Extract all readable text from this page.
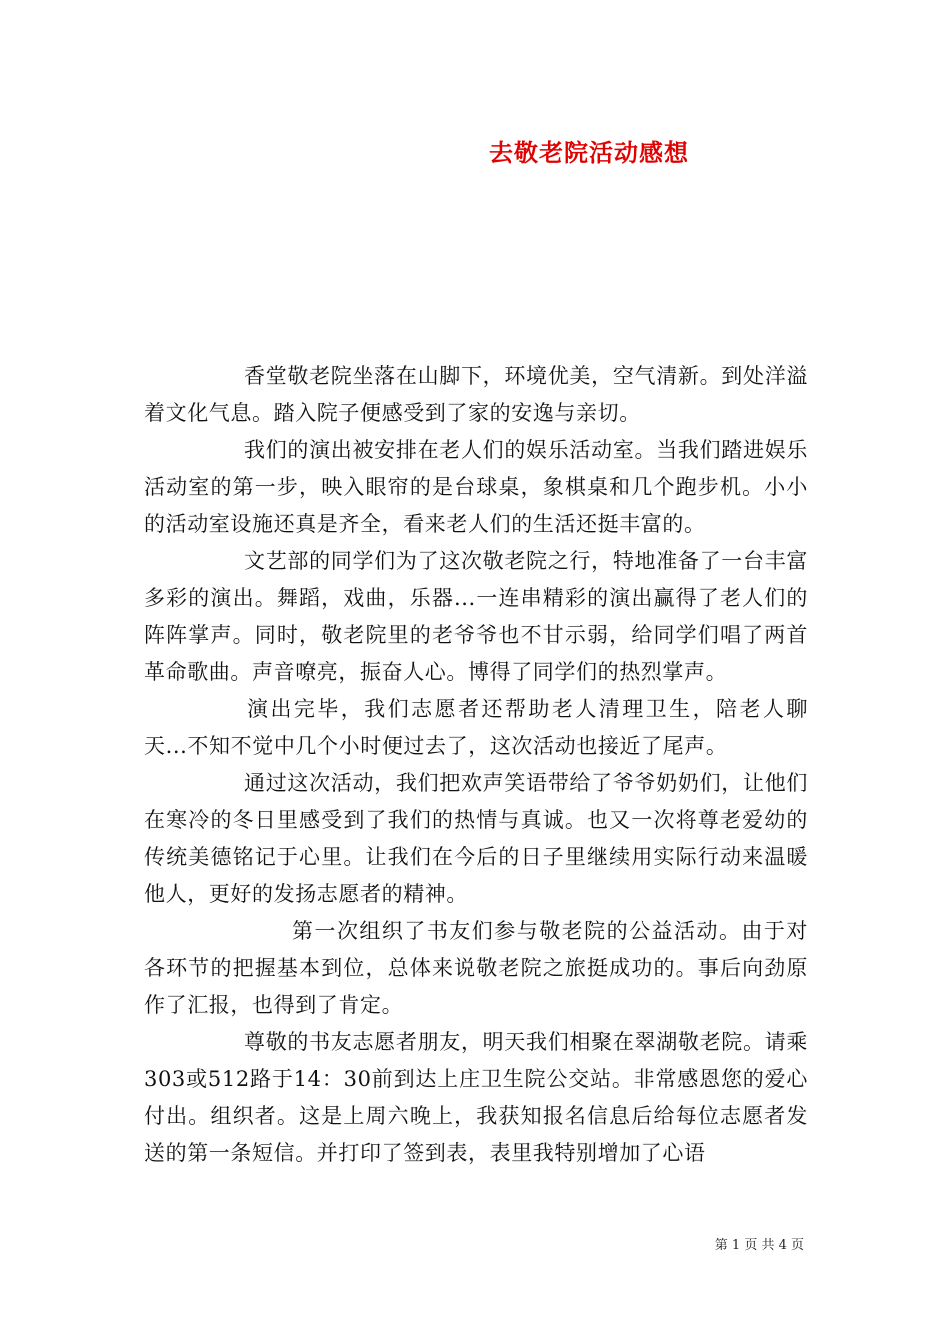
去敬老院活动感想

香堂敬老院坐落在山脚下，环境优美，空气清新。到处洋溢着文化气息。踏入院子便感受到了家的安逸与亲切。

我们的演出被安排在老人们的娱乐活动室。当我们踏进娱乐活动室的第一步，映入眼帘的是台球桌，象棋桌和几个跑步机。小小的活动室设施还真是齐全，看来老人们的生活还挺丰富的。

文艺部的同学们为了这次敬老院之行，特地准备了一台丰富多彩的演出。舞蹈，戏曲，乐器...一连串精彩的演出赢得了老人们的阵阵掌声。同时，敬老院里的老爷爷也不甘示弱，给同学们唱了两首革命歌曲。声音嘹亮，振奋人心。博得了同学们的热烈掌声。

演出完毕，我们志愿者还帮助老人清理卫生，陪老人聊天...不知不觉中几个小时便过去了，这次活动也接近了尾声。

通过这次活动，我们把欢声笑语带给了爷爷奶奶们，让他们在寒冷的冬日里感受到了我们的热情与真诚。也又一次将尊老爱幼的传统美德铭记于心里。让我们在今后的日子里继续用实际行动来温暖他人，更好的发扬志愿者的精神。

第一次组织了书友们参与敬老院的公益活动。由于对各环节的把握基本到位，总体来说敬老院之旅挺成功的。事后向劲原作了汇报，也得到了肯定。

尊敬的书友志愿者朋友，明天我们相聚在翠湖敬老院。请乘303或512路于14：30前到达上庄卫生院公交站。非常感恩您的爱心付出。组织者。这是上周六晚上，我获知报名信息后给每位志愿者发送的第一条短信。并打印了签到表，表里我特别增加了心语

第 1 页 共 4 页
